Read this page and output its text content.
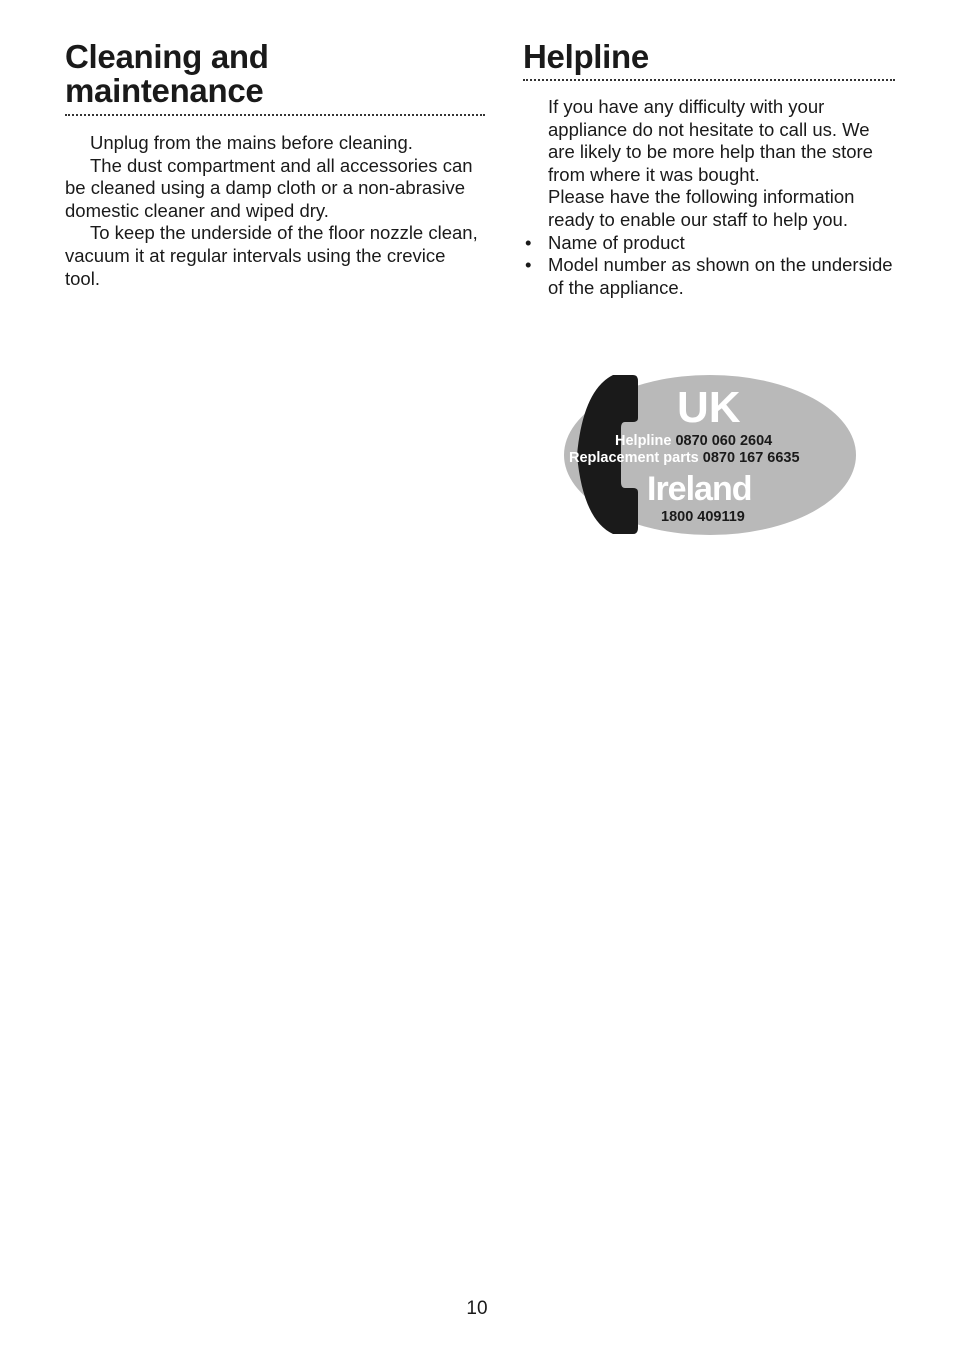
Cleaning and
maintenance

Unplug from the mains before cleaning.

The dust compartment and all accessories can be cleaned using a damp cloth or a non-abrasive domestic cleaner and wiped dry.

To keep the underside of the floor nozzle clean, vacuum it at regular intervals using the crevice tool.

Helpline

If you have any difficulty with your appliance do not hesitate to call us. We are likely to be more help than the store from where it was bought.

Please have the following information ready to enable our staff to help you.

• Name of product
• Model number as shown on the underside of the appliance.
UK
Helpline 0870 060 2604
Replacement parts 0870 167 6635
Ireland
1800 409119
10
